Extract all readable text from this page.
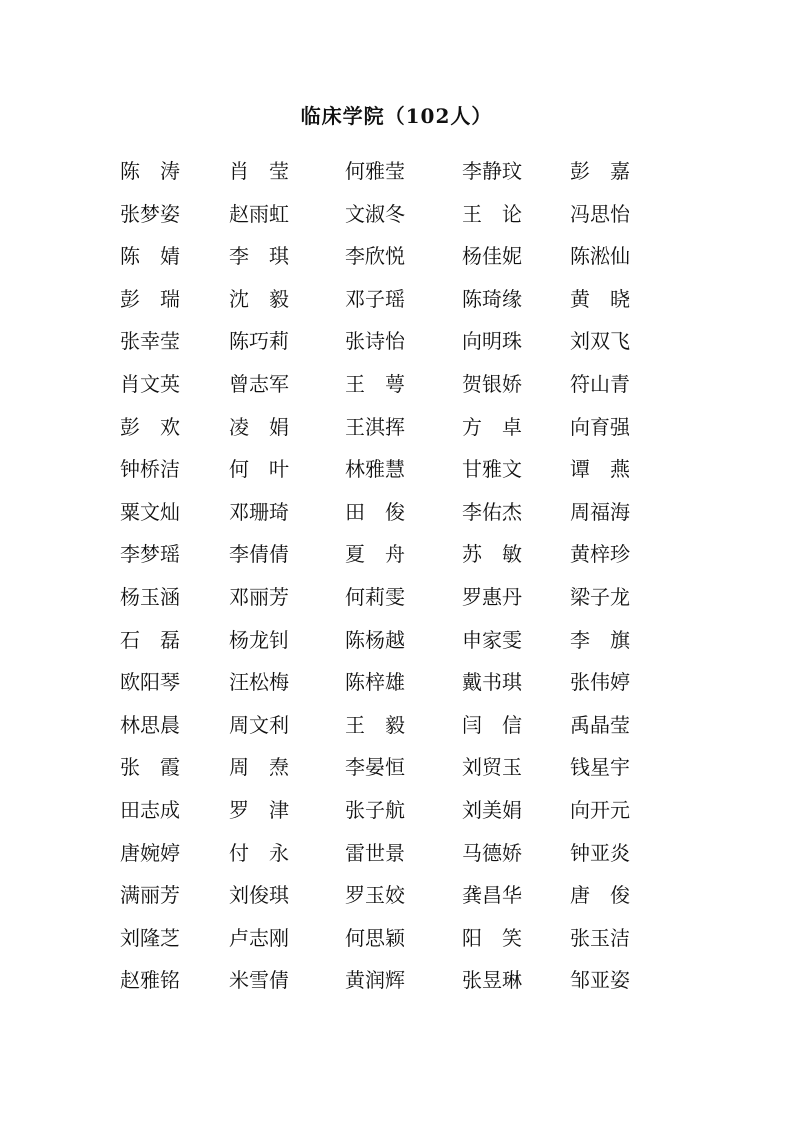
临床学院（102人）
陈　涛	肖　莹	何雅莹	李静玟	彭　嘉
张梦姿	赵雨虹	文淑冬	王　论	冯思怡
陈　婧	李　琪	李欣悦	杨佳妮	陈淞仙
彭　瑞	沈　毅	邓子瑶	陈琦缘	黄　晓
张幸莹	陈巧莉	张诗怡	向明珠	刘双飞
肖文英	曾志军	王　萼	贺银娇	符山青
彭　欢	凌　娟	王淇挥	方　卓	向育强
钟桥洁	何　叶	林雅慧	甘雅文	谭　燕
粟文灿	邓珊琦	田　俊	李佑杰	周福海
李梦瑶	李倩倩	夏　舟	苏　敏	黄梓珍
杨玉涵	邓丽芳	何莉雯	罗惠丹	梁子龙
石　磊	杨龙钊	陈杨越	申家雯	李　旗
欧阳琴	汪松梅	陈梓雄	戴书琪	张伟婷
林思晨	周文利	王　毅	闫　信	禹晶莹
张　霞	周　焘	李晏恒	刘贸玉	钱星宇
田志成	罗　津	张子航	刘美娟	向开元
唐婉婷	付　永	雷世景	马德娇	钟亚炎
满丽芳	刘俊琪	罗玉姣	龚昌华	唐　俊
刘隆芝	卢志刚	何思颖	阳　笑	张玉洁
赵雅铭	米雪倩	黄润辉	张昱琳	邹亚姿
